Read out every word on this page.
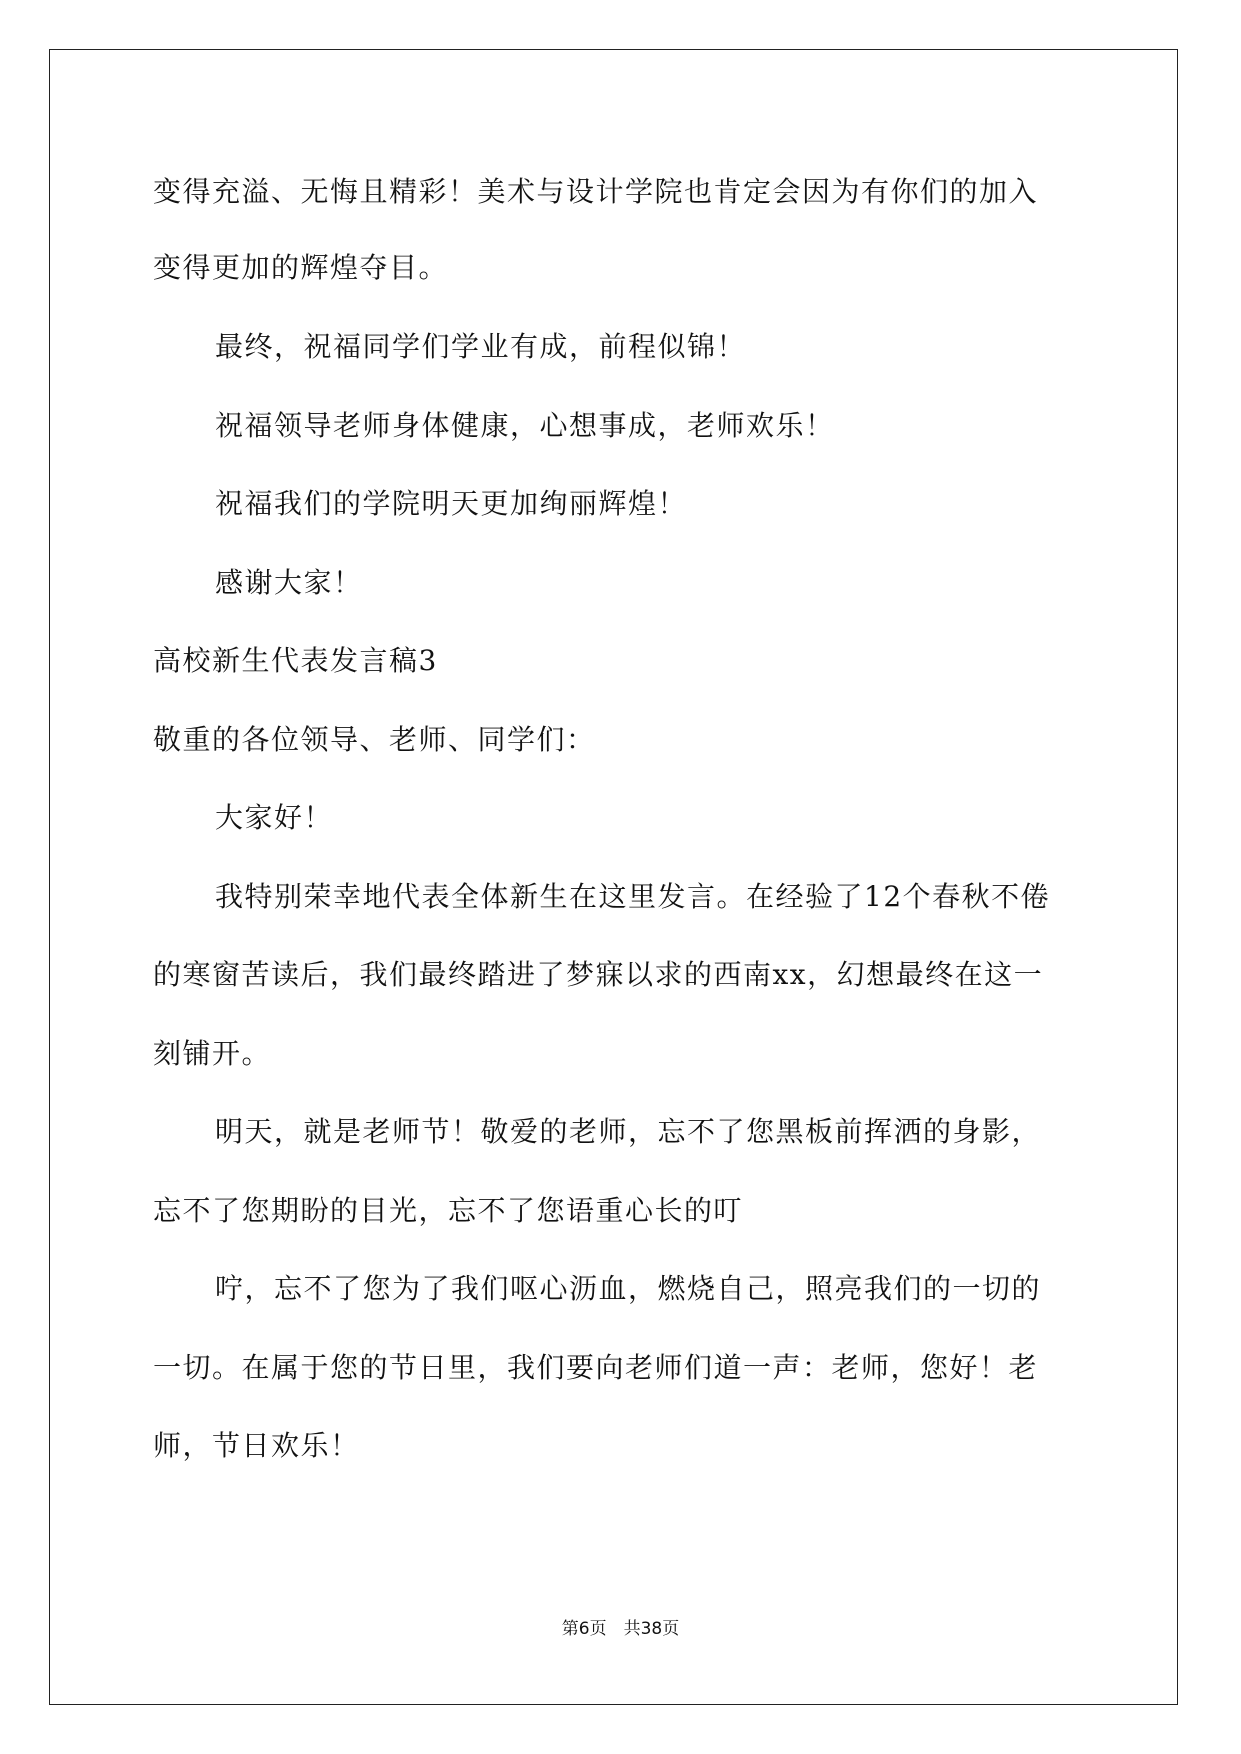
变得充溢、无悔且精彩！美术与设计学院也肯定会因为有你们的加入
变得更加的辉煌夺目。
最终，祝福同学们学业有成，前程似锦！
祝福领导老师身体健康，心想事成，老师欢乐！
祝福我们的学院明天更加绚丽辉煌！
感谢大家！
高校新生代表发言稿3
敬重的各位领导、老师、同学们：
大家好！
我特别荣幸地代表全体新生在这里发言。在经验了12个春秋不倦
的寒窗苦读后，我们最终踏进了梦寐以求的西南xx，幻想最终在这一
刻铺开。
明天，就是老师节！敬爱的老师，忘不了您黑板前挥洒的身影，
忘不了您期盼的目光，忘不了您语重心长的叮
咛，忘不了您为了我们呕心沥血，燃烧自己，照亮我们的一切的
一切。在属于您的节日里，我们要向老师们道一声：老师，您好！老
师，节日欢乐！
第6页　共38页
